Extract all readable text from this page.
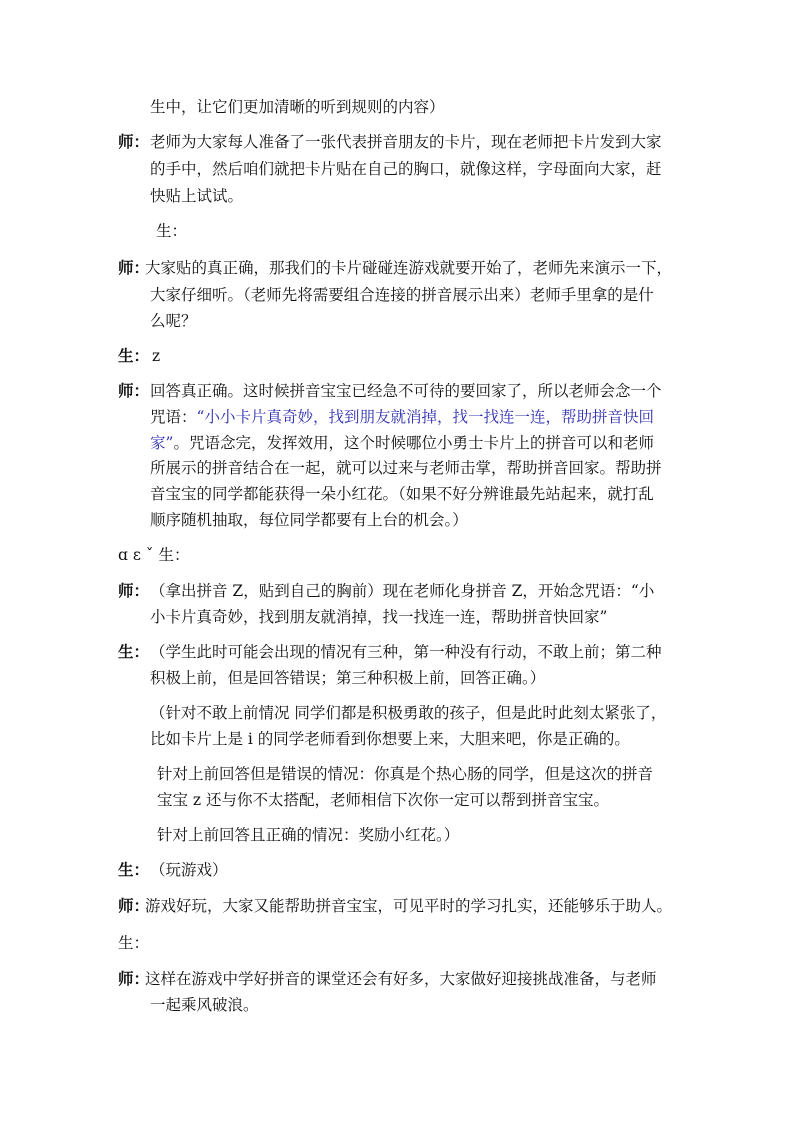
生中，让它们更加清晰的听到规则的内容）
师： 老师为大家每人准备了一张代表拼音朋友的卡片，现在老师把卡片发到大家
的手中，然后咱们就把卡片贴在自己的胸口，就像这样，字母面向大家，赶
快贴上试试。
生：
师：
大家贴的真正确，那我们的卡片碰碰连游戏就要开始了，老师先来演示一下，
大家仔细听。（老师先将需要组合连接的拼音展示出来）老师手里拿的是什
么呢？
生： z
师： 回答真正确。这时候拼音宝宝已经急不可待的要回家了，所以老师会念一个
咒语：“小小卡片真奇妙，找到朋友就消掉，找一找连一连，帮助拼音快回
家”。咒语念完，发挥效用，这个时候哪位小勇士卡片上的拼音可以和老师
所展示的拼音结合在一起，就可以过来与老师击掌，帮助拼音回家。帮助拼
音宝宝的同学都能获得一朵小红花。（如果不好分辨谁最先站起来，就打乱
顺序随机抽取，每位同学都要有上台的机会。）
ɑ ɛ ˇ 生：
师： （拿出拼音 Z，贴到自己的胸前）现在老师化身拼音 Z，开始念咒语：“小
小卡片真奇妙，找到朋友就消掉，找一找连一连，帮助拼音快回家”
生： （学生此时可能会出现的情况有三种，第一种没有行动，不敢上前；第二种
积极上前，但是回答错误；第三种积极上前，回答正确。）
（针对不敢上前情况 同学们都是积极勇敢的孩子，但是此时此刻太紧张了，
比如卡片上是 i 的同学老师看到你想要上来，大胆来吧，你是正确的。
针对上前回答但是错误的情况：你真是个热心肠的同学，但是这次的拼音
宝宝 z 还与你不太搭配，老师相信下次你一定可以帮到拼音宝宝。
针对上前回答且正确的情况：奖励小红花。）
生： （玩游戏）
师：
游戏好玩，大家又能帮助拼音宝宝，可见平时的学习扎实，还能够乐于助人。
生：
师：
这样在游戏中学好拼音的课堂还会有好多，大家做好迎接挑战准备，与老师
一起乘风破浪。
